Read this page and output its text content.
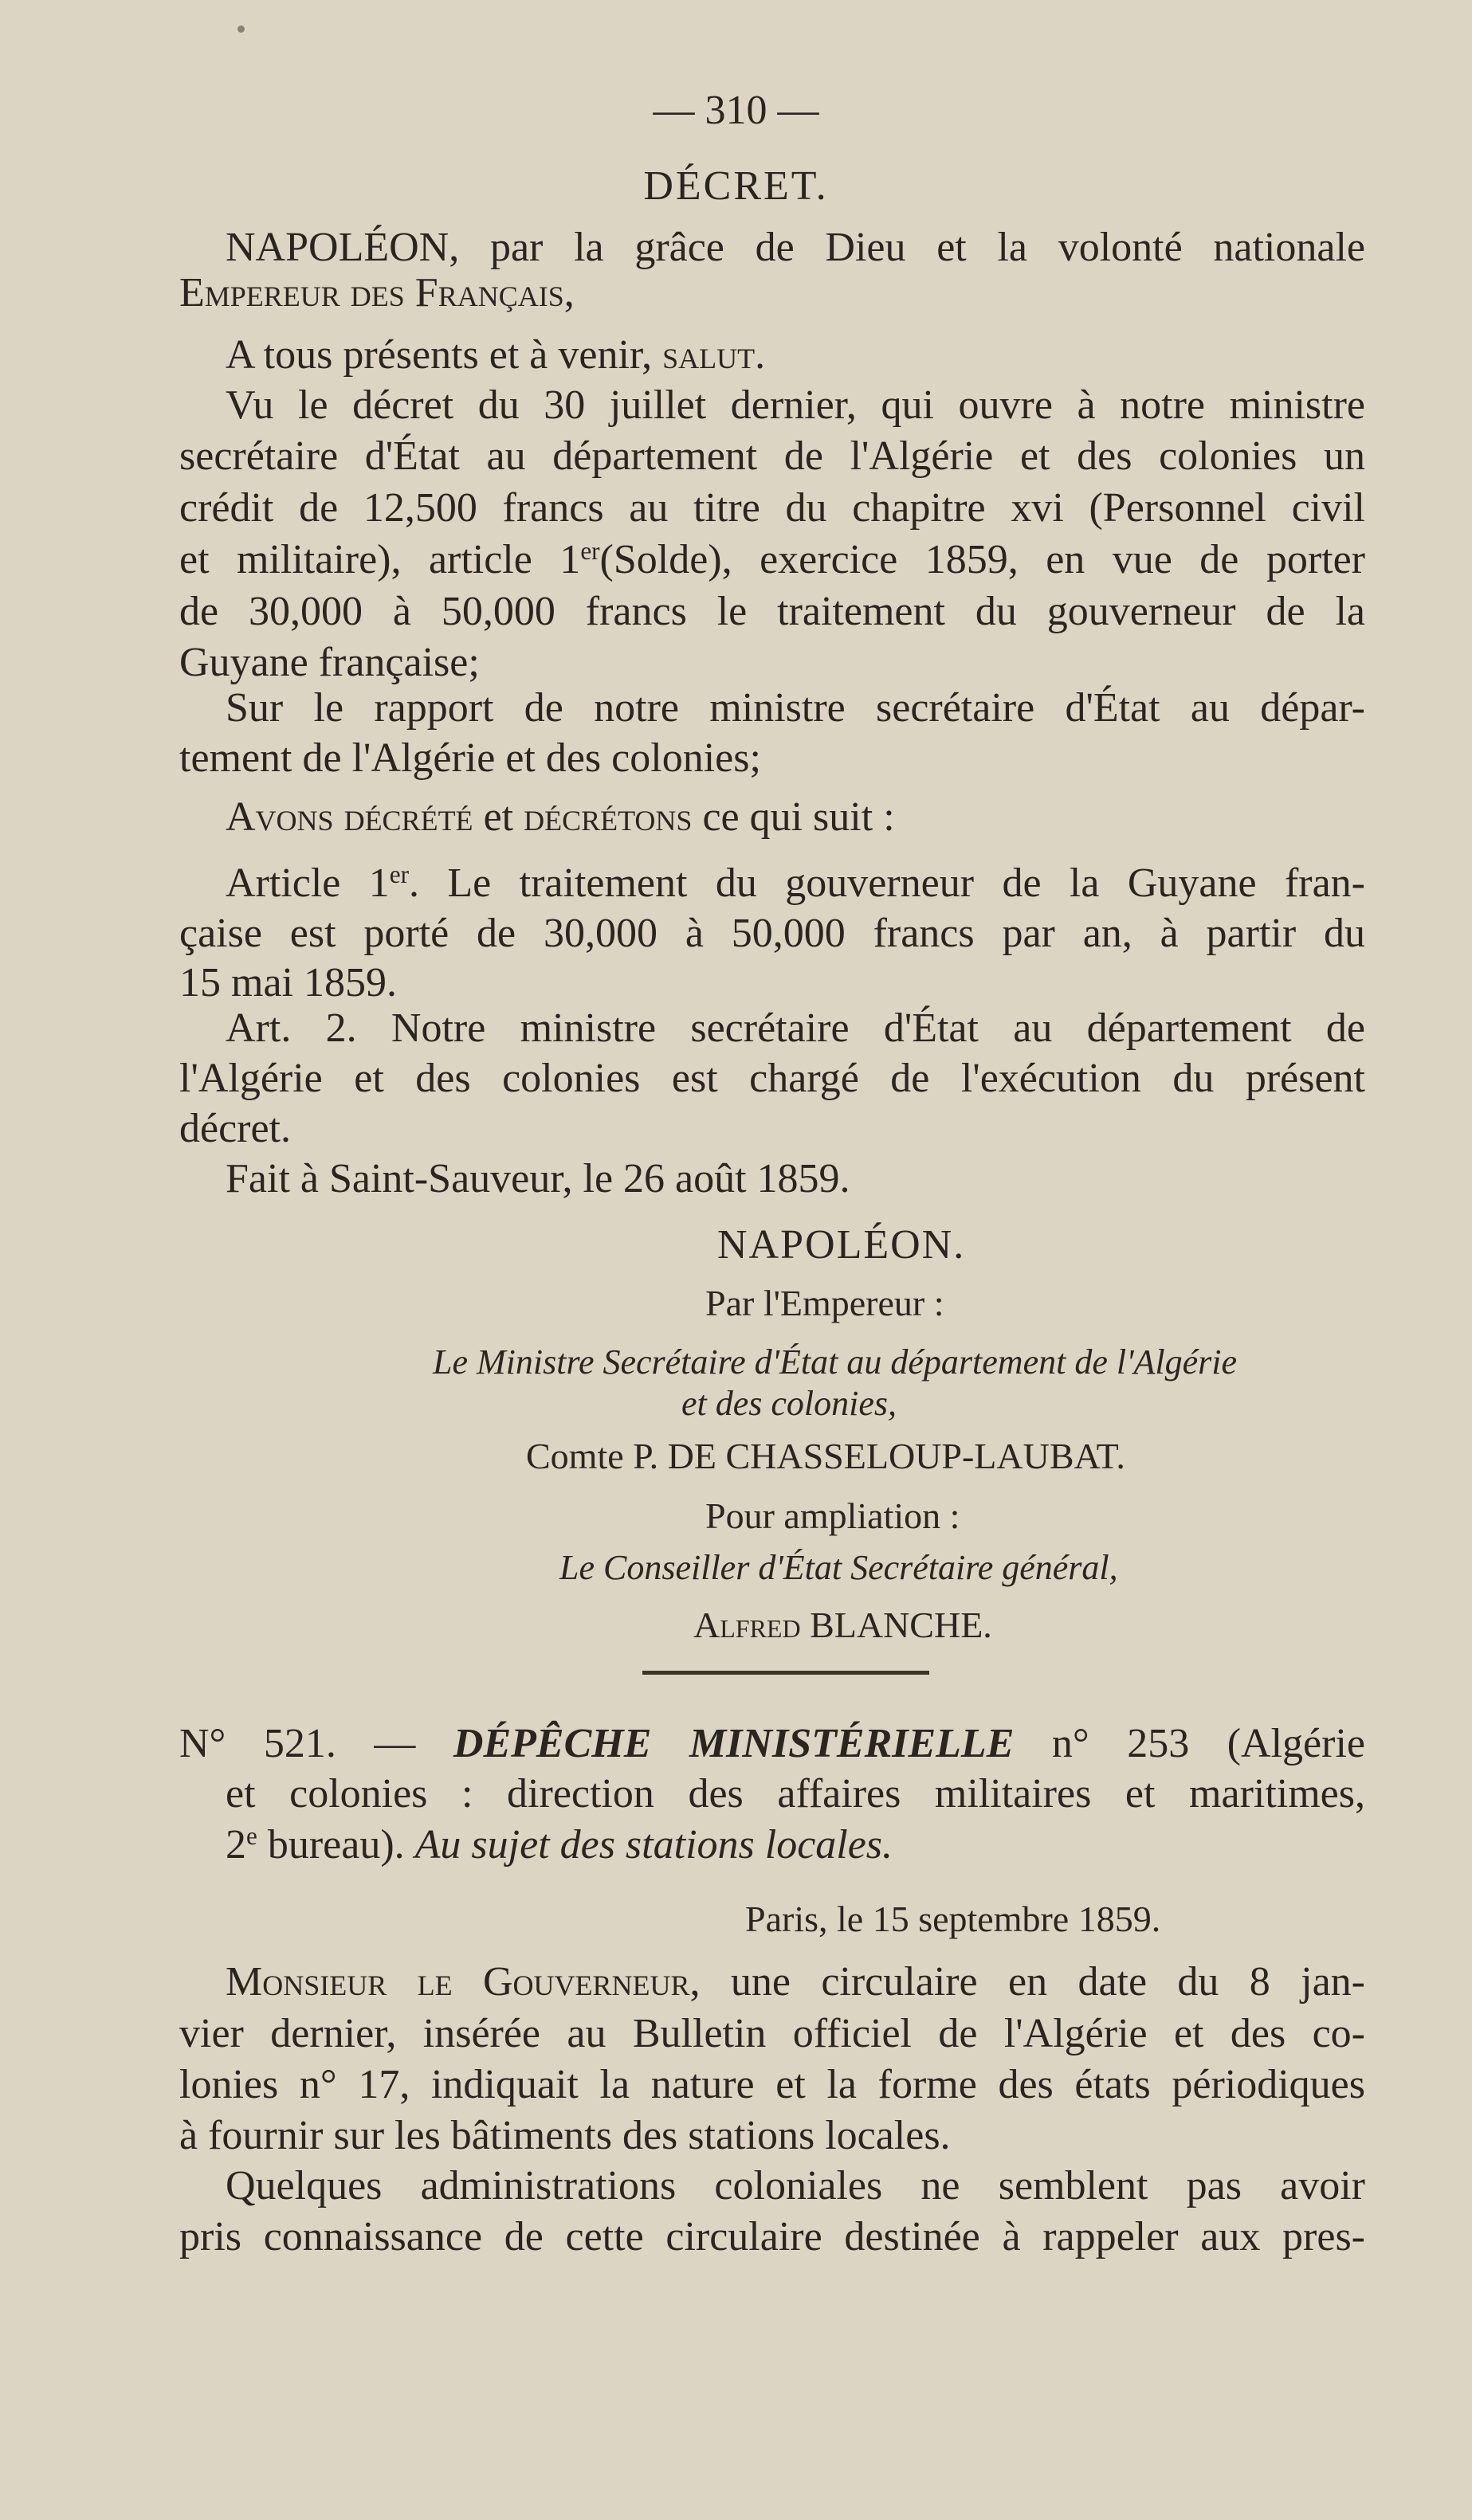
— 310 —
DÉCRET.
NAPOLÉON, par la grâce de Dieu et la volonté nationale
Empereur des Français,
A tous présents et à venir, salut.
Vu le décret du 30 juillet dernier, qui ouvre à notre ministre
secrétaire d'État au département de l'Algérie et des colonies un
crédit de 12,500 francs au titre du chapitre xvi (Personnel civil
et militaire), article 1er(Solde), exercice 1859, en vue de porter
de 30,000 à 50,000 francs le traitement du gouverneur de la
Guyane française;
Sur le rapport de notre ministre secrétaire d'État au dépar-
tement de l'Algérie et des colonies;
Avons décrété et décrétons ce qui suit :
Article 1er. Le traitement du gouverneur de la Guyane fran-
çaise est porté de 30,000 à 50,000 francs par an, à partir du
15 mai 1859.
Art. 2. Notre ministre secrétaire d'État au département de
l'Algérie et des colonies est chargé de l'exécution du présent
décret.
Fait à Saint-Sauveur, le 26 août 1859.
NAPOLÉON.
Par l'Empereur :
Le Ministre Secrétaire d'État au département de l'Algérie
et des colonies,
Comte P. DE CHASSELOUP-LAUBAT.
Pour ampliation :
Le Conseiller d'État Secrétaire général,
Alfred BLANCHE.
N° 521. — DÉPÊCHE MINISTÉRIELLE n° 253 (Algérie
et colonies : direction des affaires militaires et maritimes,
2e bureau). Au sujet des stations locales.
Paris, le 15 septembre 1859.
Monsieur le Gouverneur, une circulaire en date du 8 jan-
vier dernier, insérée au Bulletin officiel de l'Algérie et des co-
lonies n° 17, indiquait la nature et la forme des états périodiques
à fournir sur les bâtiments des stations locales.
Quelques administrations coloniales ne semblent pas avoir
pris connaissance de cette circulaire destinée à rappeler aux pres-
